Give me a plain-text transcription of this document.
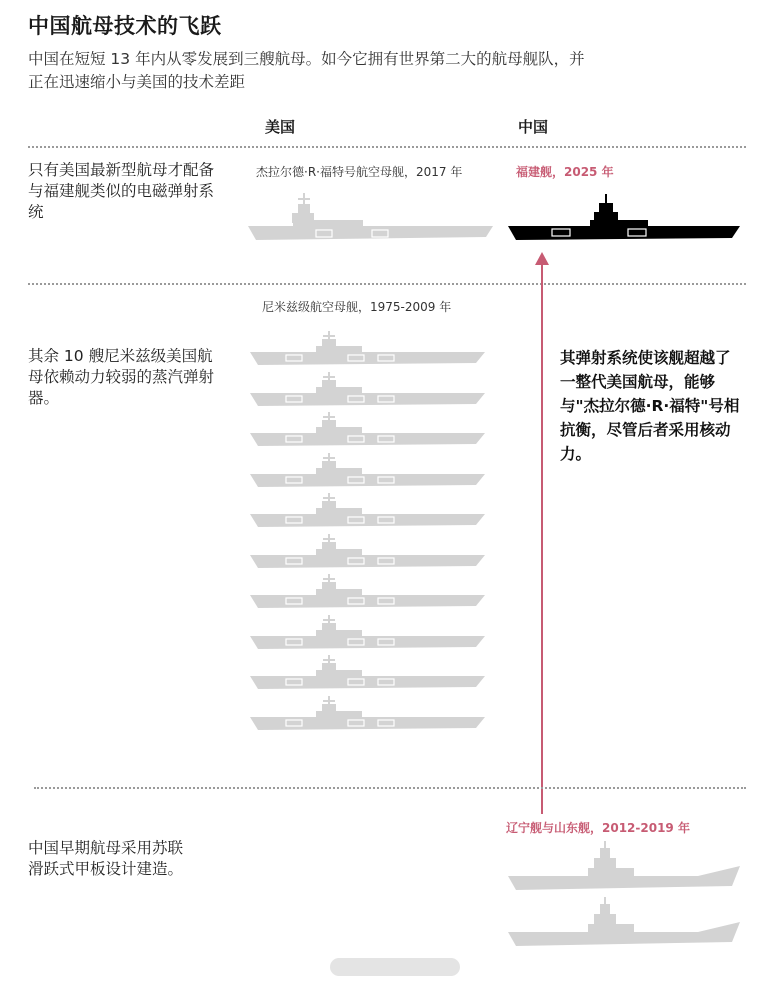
中国航母技术的飞跃
中国在短短 13 年内从零发展到三艘航母。如今它拥有世界第二大的航母舰队，并正在迅速缩小与美国的技术差距
美国	中国
只有美国最新型航母才配备与福建舰类似的电磁弹射系统
杰拉尔德·R·福特号航空母舰，2017 年	福建舰，2025 年
尼米兹级航空母舰，1975-2009 年
其余 10 艘尼米兹级美国航母依赖动力较弱的蒸汽弹射器。
其弹射系统使该舰超越了一整代美国航母，能够与"杰拉尔德·R·福特"号相抗衡，尽管后者采用核动力。
辽宁舰与山东舰，2012-2019 年
中国早期航母采用苏联滑跃式甲板设计建造。
